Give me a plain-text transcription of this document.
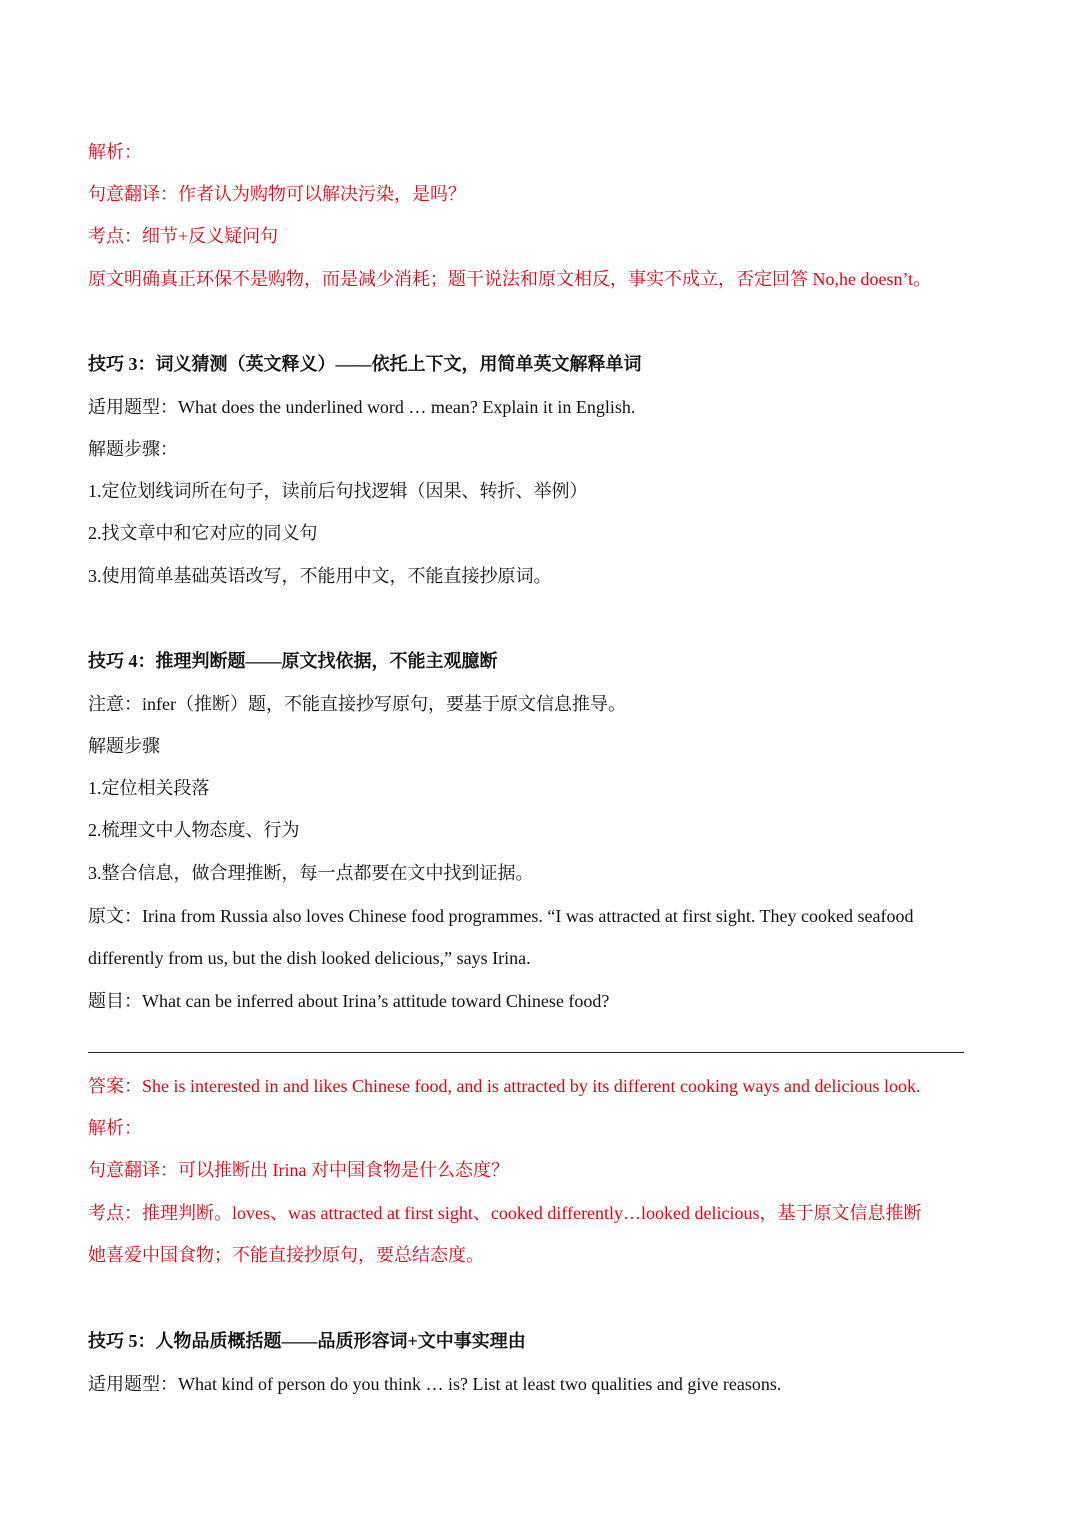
解析：
句意翻译：作者认为购物可以解决污染，是吗？
考点：细节+反义疑问句
原文明确真正环保不是购物，而是减少消耗；题干说法和原文相反，事实不成立，否定回答 No,he doesn’t。
技巧 3：词义猜测（英文释义）——依托上下文，用简单英文解释单词
适用题型：What does the underlined word … mean? Explain it in English.
解题步骤：
1.定位划线词所在句子，读前后句找逻辑（因果、转折、举例）
2.找文章中和它对应的同义句
3.使用简单基础英语改写，不能用中文，不能直接抄原词。
技巧 4：推理判断题——原文找依据，不能主观臆断
注意：infer（推断）题，不能直接抄写原句，要基于原文信息推导。
解题步骤
1.定位相关段落
2.梳理文中人物态度、行为
3.整合信息，做合理推断，每一点都要在文中找到证据。
原文：Irina from Russia also loves Chinese food programmes. “I was attracted at first sight. They cooked seafood
differently from us, but the dish looked delicious,” says Irina.
题目：What can be inferred about Irina’s attitude toward Chinese food?
答案：She is interested in and likes Chinese food, and is attracted by its different cooking ways and delicious look.
解析：
句意翻译：可以推断出 Irina 对中国食物是什么态度？
考点：推理判断。loves、was attracted at first sight、cooked differently…looked delicious，基于原文信息推断
她喜爱中国食物；不能直接抄原句，要总结态度。
技巧 5：人物品质概括题——品质形容词+文中事实理由
适用题型：What kind of person do you think … is? List at least two qualities and give reasons.
